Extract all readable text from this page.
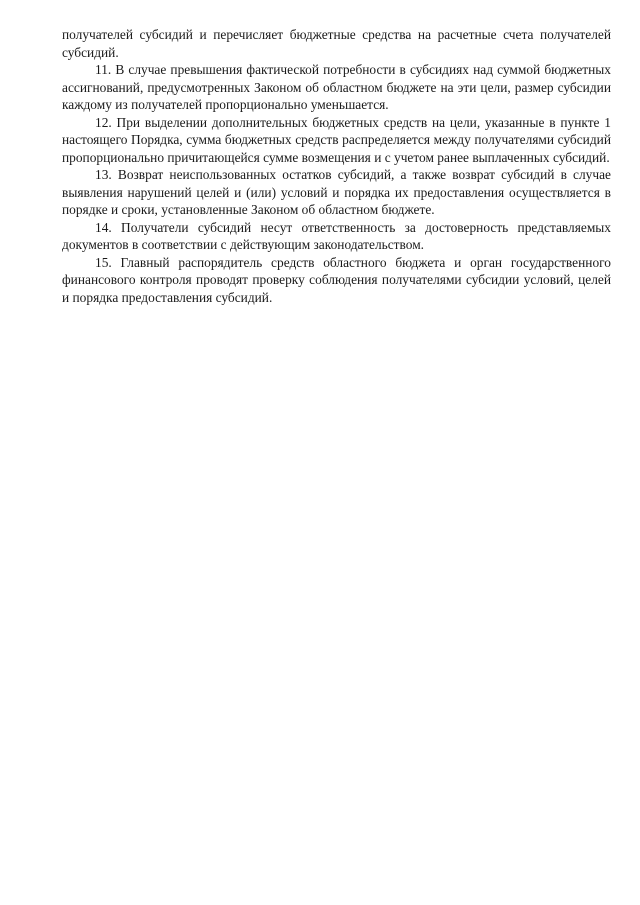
получателей субсидий и перечисляет бюджетные средства на расчетные счета получателей субсидий.

11. В случае превышения фактической потребности в субсидиях над суммой бюджетных ассигнований, предусмотренных Законом об областном бюджете на эти цели, размер субсидии каждому из получателей пропорционально уменьшается.

12. При выделении дополнительных бюджетных средств на цели, указанные в пункте 1 настоящего Порядка, сумма бюджетных средств распределяется между получателями субсидий пропорционально причитающейся сумме возмещения и с учетом ранее выплаченных субсидий.

13. Возврат неиспользованных остатков субсидий, а также возврат субсидий в случае выявления нарушений целей и (или) условий и порядка их предоставления осуществляется в порядке и сроки, установленные Законом об областном бюджете.

14. Получатели субсидий несут ответственность за достоверность представляемых документов в соответствии с действующим законодательством.

15. Главный распорядитель средств областного бюджета и орган государственного финансового контроля проводят проверку соблюдения получателями субсидии условий, целей и порядка предоставления субсидий.
